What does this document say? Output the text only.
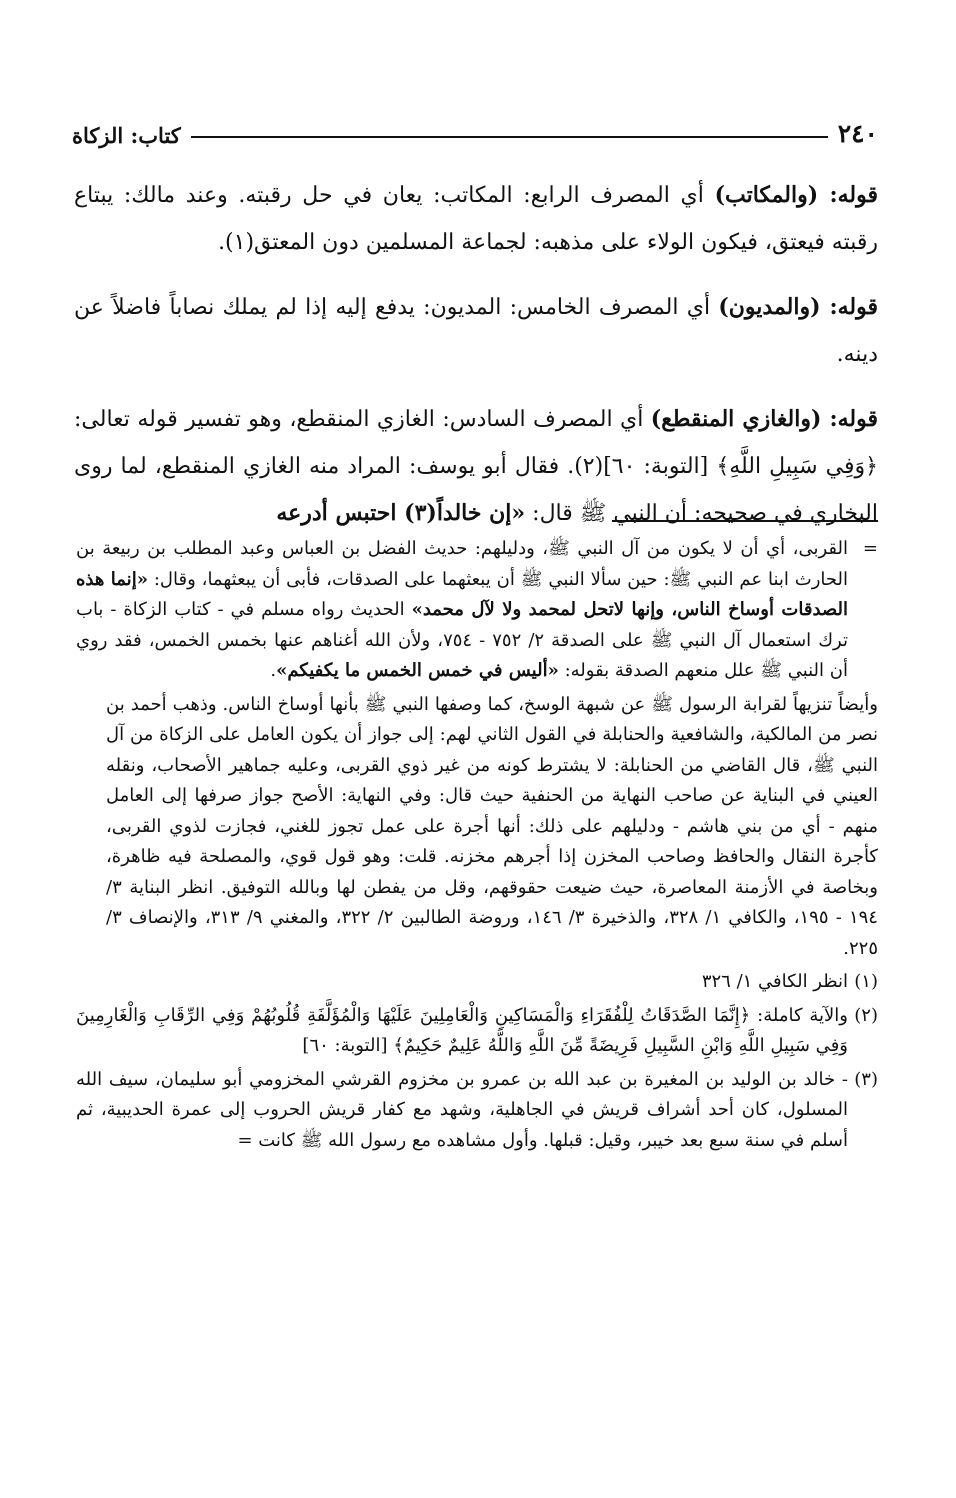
٢٤٠
كتاب: الزكاة

قوله: (والمكاتب) أي المصرف الرابع: المكاتب: يعان في حل رقبته. وعند مالك: يبتاع رقبته فيعتق، فيكون الولاء على مذهبه: لجماعة المسلمين دون المعتق(١).

قوله: (والمديون) أي المصرف الخامس: المديون: يدفع إليه إذا لم يملك نصاباً فاضلاً عن دينه.

قوله: (والغازي المنقطع) أي المصرف السادس: الغازي المنقطع، وهو تفسير قوله تعالى: ﴿وَفِي سَبِيلِ اللَّهِ﴾ [التوبة: ٦٠](٢). فقال أبو يوسف: المراد منه الغازي المنقطع، لما روى البخاري في صحيحه: أن النبي ﷺ قال: «إن خالداً(٣) احتبس أدرعه

=
القربى، أي أن لا يكون من آل النبي ﷺ، ودليلهم: حديث الفضل بن العباس وعبد المطلب بن ربيعة بن الحارث ابنا عم النبي ﷺ: حين سألا النبي ﷺ أن يبعثهما على الصدقات، فأبى أن يبعثهما، وقال: «إنما هذه الصدقات أوساخ الناس، وإنها لاتحل لمحمد ولا لآل محمد» الحديث رواه مسلم في - كتاب الزكاة - باب ترك استعمال آل النبي ﷺ على الصدقة ٢/ ٧٥٢ - ٧٥٤، ولأن الله أغناهم عنها بخمس الخمس، فقد روي أن النبي ﷺ علل منعهم الصدقة بقوله: «أليس في خمس الخمس ما يكفيكم».

وأيضاً تنزيهاً لقرابة الرسول ﷺ عن شبهة الوسخ، كما وصفها النبي ﷺ بأنها أوساخ الناس. وذهب أحمد بن نصر من المالكية، والشافعية والحنابلة في القول الثاني لهم: إلى جواز أن يكون العامل على الزكاة من آل النبي ﷺ، قال القاضي من الحنابلة: لا يشترط كونه من غير ذوي القربى، وعليه جماهير الأصحاب، ونقله العيني في البناية عن صاحب النهاية من الحنفية حيث قال: وفي النهاية: الأصح جواز صرفها إلى العامل منهم - أي من بني هاشم - ودليلهم على ذلك: أنها أجرة على عمل تجوز للغني، فجازت لذوي القربى، كأجرة النقال والحافظ وصاحب المخزن إذا أجرهم مخزنه. قلت: وهو قول قوي، والمصلحة فيه ظاهرة، وبخاصة في الأزمنة المعاصرة، حيث ضيعت حقوقهم، وقل من يفطن لها وبالله التوفيق. انظر البناية ٣/ ١٩٤ - ١٩٥، والكافي ١/ ٣٢٨، والذخيرة ٣/ ١٤٦، وروضة الطالبين ٢/ ٣٢٢، والمغني ٩/ ٣١٣، والإنصاف ٣/ ٢٢٥.

(١)
انظر الكافي ١/ ٣٢٦
(٢)
والآية كاملة: ﴿إِنَّمَا الصَّدَقَاتُ لِلْفُقَرَاءِ وَالْمَسَاكِينِ وَالْعَامِلِينَ عَلَيْهَا وَالْمُؤَلَّفَةِ قُلُوبُهُمْ وَفِي الرِّقَابِ وَالْغَارِمِينَ وَفِي سَبِيلِ اللَّهِ وَابْنِ السَّبِيلِ فَرِيضَةً مِّنَ اللَّهِ وَاللَّهُ عَلِيمٌ حَكِيمٌ﴾ [التوبة: ٦٠]
(٣)
- خالد بن الوليد بن المغيرة بن عبد الله بن عمرو بن مخزوم القرشي المخزومي أبو سليمان، سيف الله المسلول، كان أحد أشراف قريش في الجاهلية، وشهد مع كفار قريش الحروب إلى عمرة الحديبية، ثم أسلم في سنة سبع بعد خيبر، وقيل: قبلها. وأول مشاهده مع رسول الله ﷺ كانت =
